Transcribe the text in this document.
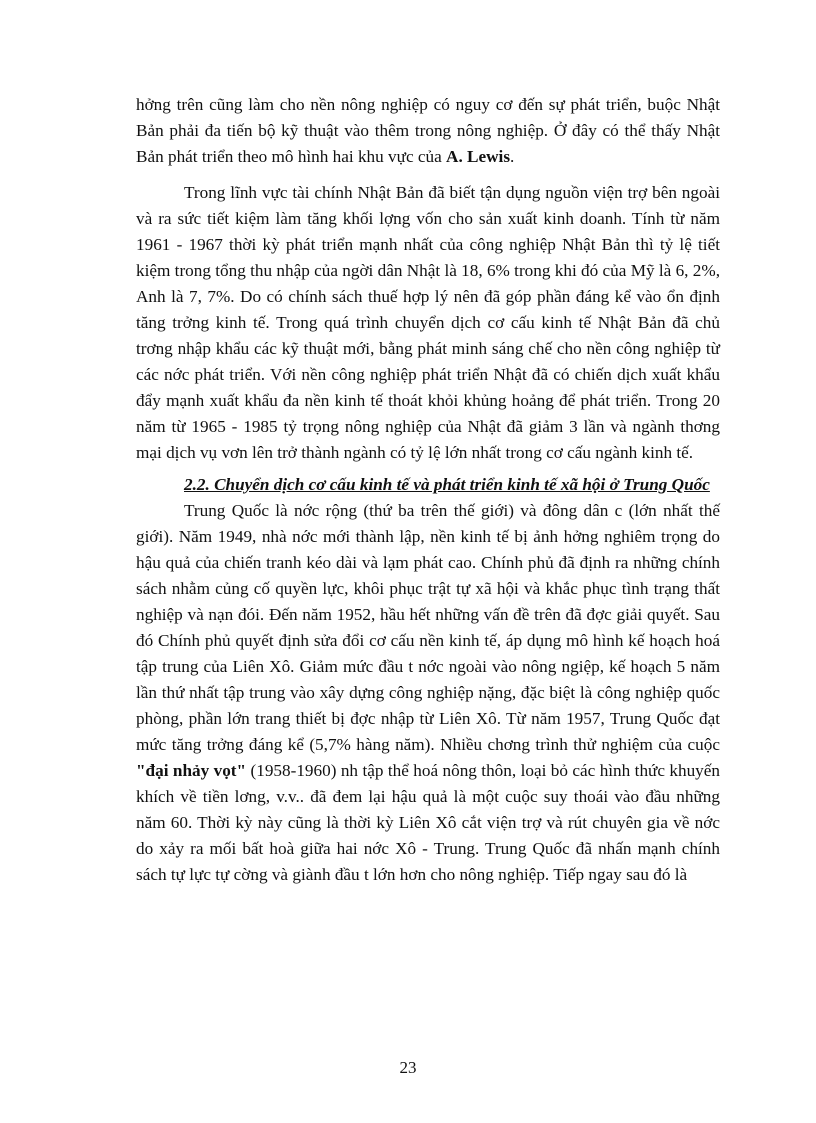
hởng trên cũng làm cho nền nông nghiệp có nguy cơ đến sự phát triển, buộc Nhật Bản phải đa tiến bộ kỹ thuật vào thêm trong nông nghiệp. Ở đây có thể thấy Nhật Bản phát triển theo mô hình hai khu vực của A. Lewis.

Trong lĩnh vực tài chính Nhật Bản đã biết tận dụng nguồn viện trợ bên ngoài và ra sức tiết kiệm làm tăng khối lợng vốn cho sản xuất kinh doanh. Tính từ năm 1961 - 1967 thời kỳ phát triển mạnh nhất của công nghiệp Nhật Bản thì tỷ lệ tiết kiệm trong tổng thu nhập của ngời dân Nhật là 18, 6% trong khi đó của Mỹ là 6, 2%, Anh là 7, 7%. Do có chính sách thuế hợp lý nên đã góp phần đáng kể vào ổn định tăng trởng kinh tế. Trong quá trình chuyển dịch cơ cấu kinh tế Nhật Bản đã chủ trơng nhập khẩu các kỹ thuật mới, bằng phát minh sáng chế cho nền công nghiệp từ các nớc phát triển. Với nền công nghiệp phát triển Nhật đã có chiến dịch xuất khẩu đẩy mạnh xuất khẩu đa nền kinh tế thoát khỏi khủng hoảng để phát triển. Trong 20 năm từ 1965 - 1985 tỷ trọng nông nghiệp của Nhật đã giảm 3 lần và ngành thơng mại dịch vụ vơn lên trở thành ngành có tỷ lệ lớn nhất trong cơ cấu ngành kinh tế.

2.2. Chuyển dịch cơ cấu kinh tế và phát triển kinh tế xã hội ở Trung Quốc

Trung Quốc là nớc rộng (thứ ba trên thế giới) và đông dân c (lớn nhất thế giới). Năm 1949, nhà nớc mới thành lập, nền kinh tế bị ảnh hởng nghiêm trọng do hậu quả của chiến tranh kéo dài và lạm phát cao. Chính phủ đã định ra những chính sách nhằm củng cố quyền lực, khôi phục trật tự xã hội và khắc phục tình trạng thất nghiệp và nạn đói. Đến năm 1952, hầu hết những vấn đề trên đã đợc giải quyết. Sau đó Chính phủ quyết định sửa đổi cơ cấu nền kinh tế, áp dụng mô hình kế hoạch hoá tập trung của Liên Xô. Giảm mức đầu t nớc ngoài vào nông ngiệp, kế hoạch 5 năm lần thứ nhất tập trung vào xây dựng công nghiệp nặng, đặc biệt là công nghiệp quốc phòng, phần lớn trang thiết bị đợc nhập từ Liên Xô. Từ năm 1957, Trung Quốc đạt mức tăng trởng đáng kể (5,7% hàng năm). Nhiều chơng trình thử nghiệm của cuộc "đại nhảy vọt" (1958-1960) nh tập thể hoá nông thôn, loại bỏ các hình thức khuyến khích về tiền lơng, v.v.. đã đem lại hậu quả là một cuộc suy thoái vào đầu những năm 60. Thời kỳ này cũng là thời kỳ Liên Xô cắt viện trợ và rút chuyên gia về nớc do xảy ra mối bất hoà giữa hai nớc Xô - Trung. Trung Quốc đã nhấn mạnh chính sách tự lực tự cờng và giành đầu t lớn hơn cho nông nghiệp. Tiếp ngay sau đó là

23
